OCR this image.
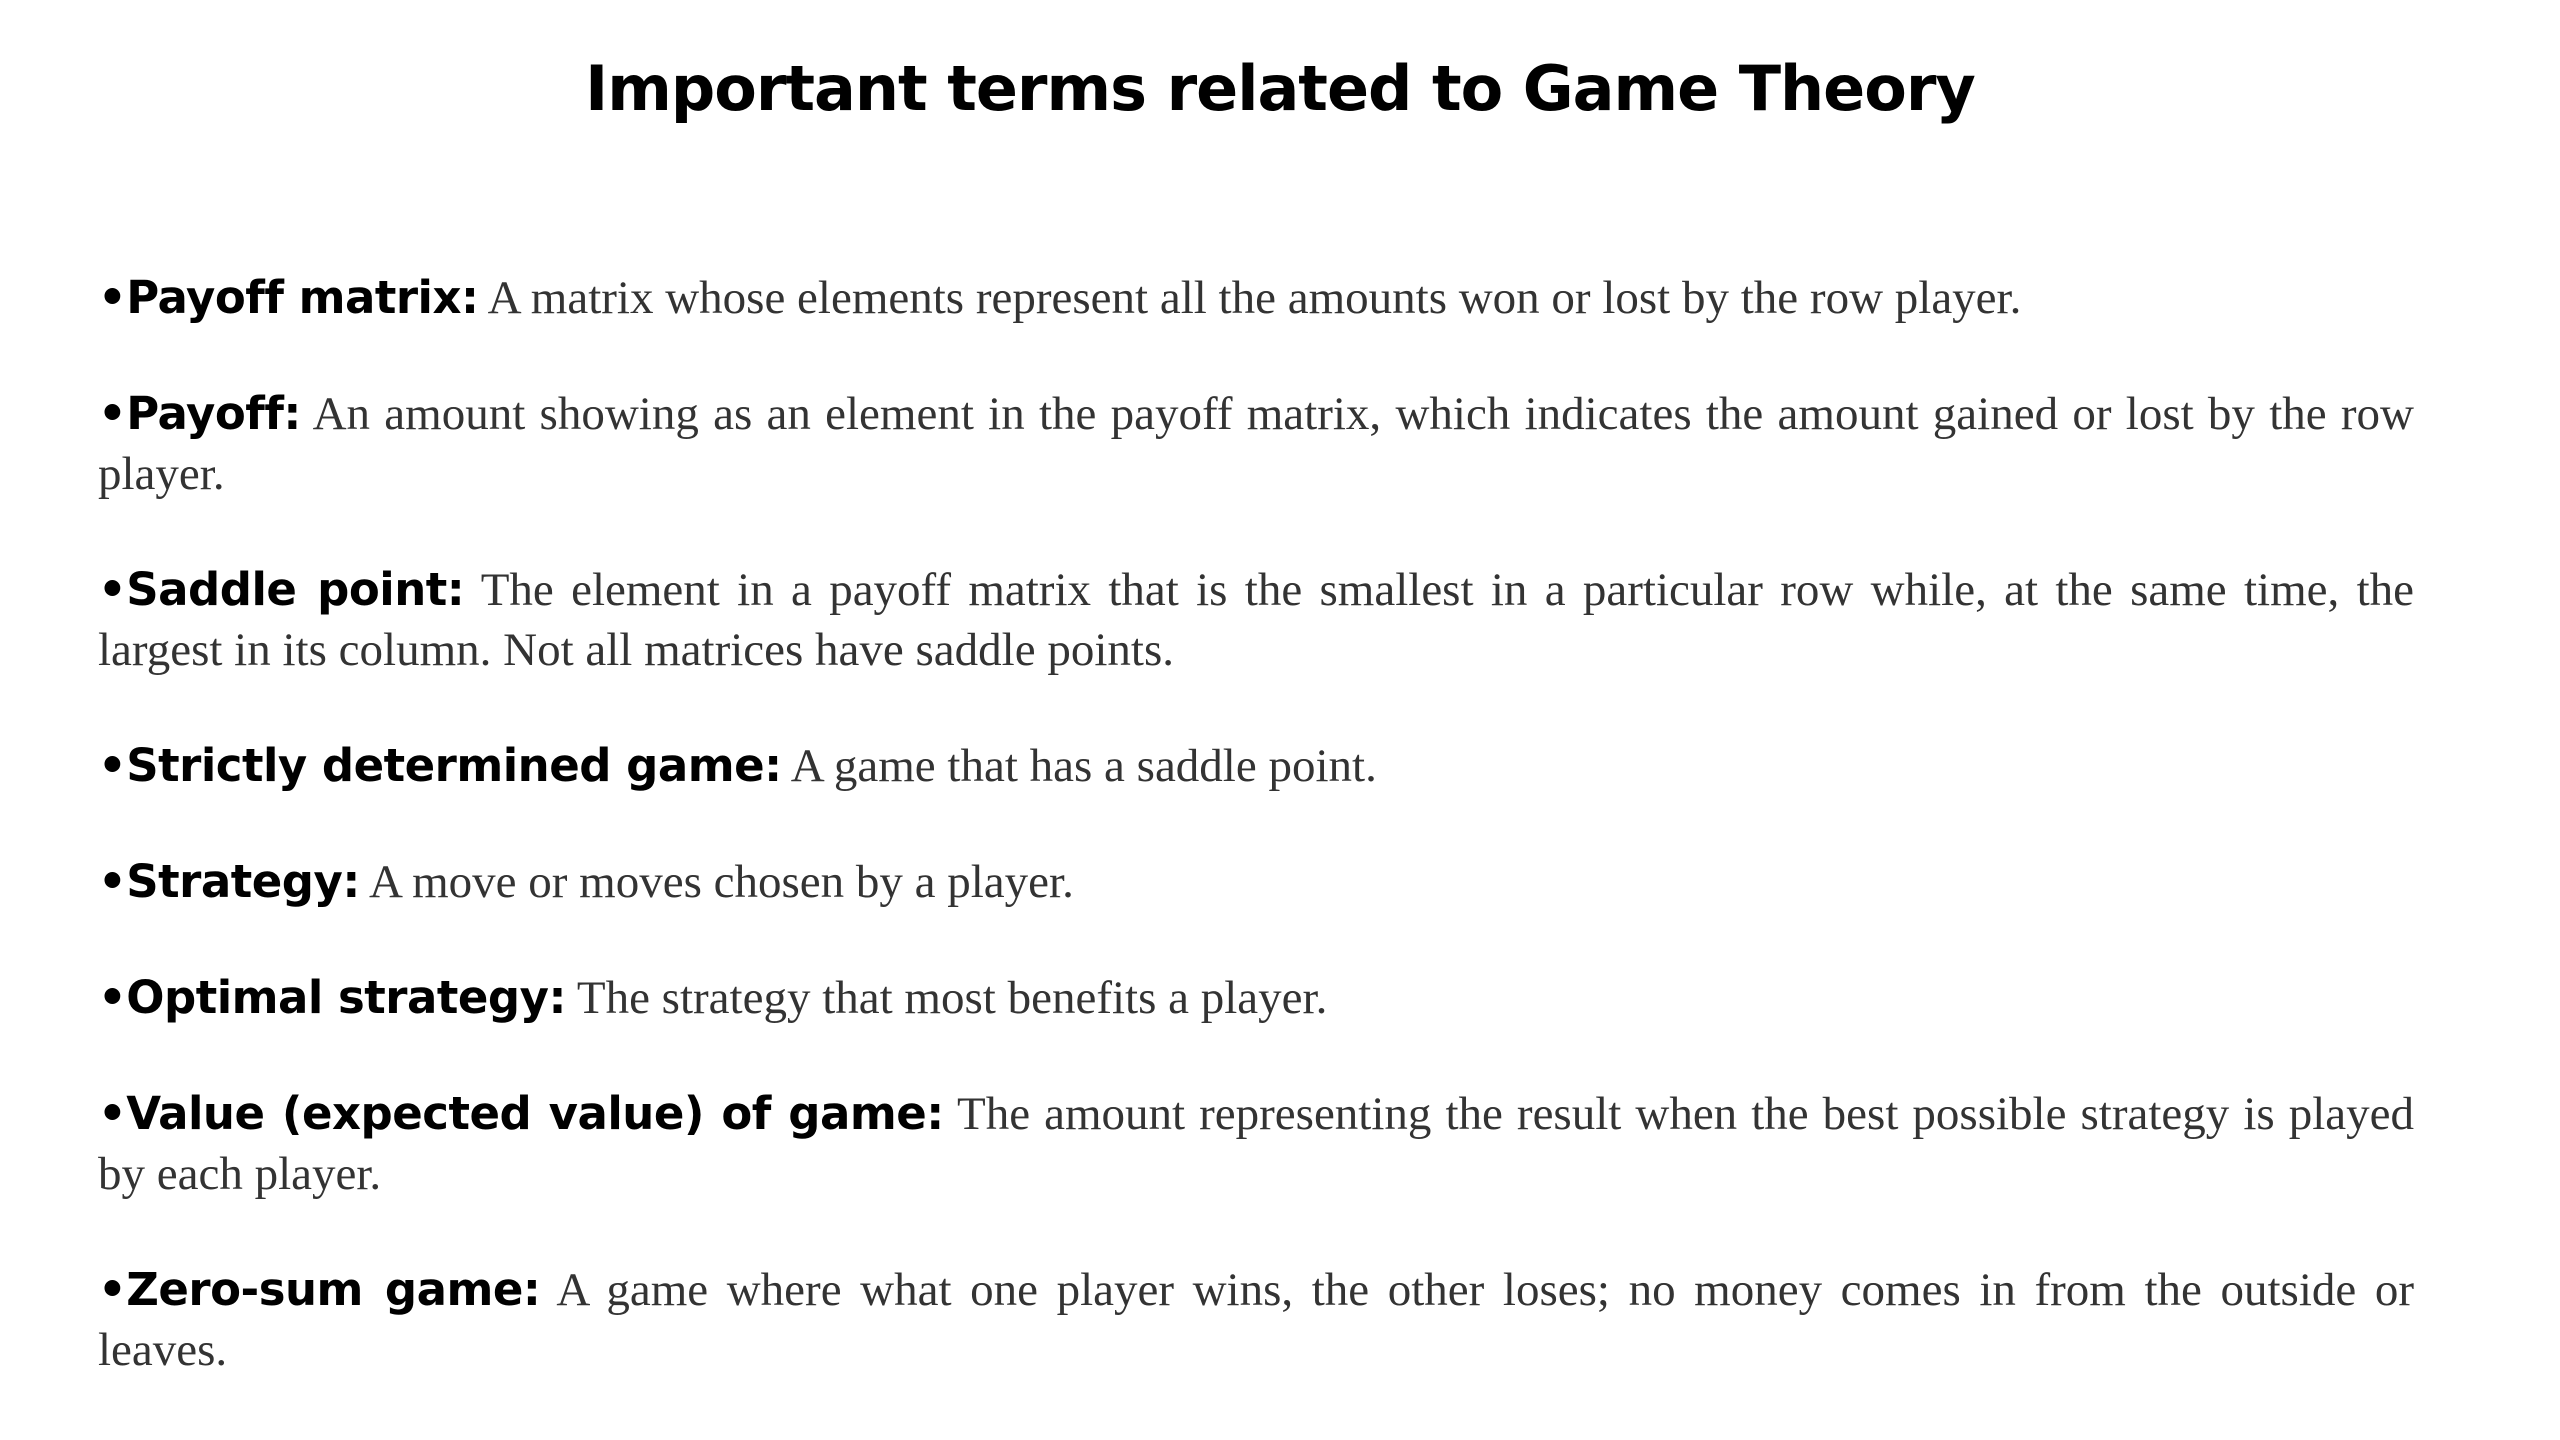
Important terms related to Game Theory
•Payoff matrix: A matrix whose elements represent all the amounts won or lost by the row player.
•Payoff: An amount showing as an element in the payoff matrix, which indicates the amount gained or lost by the row player.
•Saddle point: The element in a payoff matrix that is the smallest in a particular row while, at the same time, the largest in its column. Not all matrices have saddle points.
•Strictly determined game: A game that has a saddle point.
•Strategy: A move or moves chosen by a player.
•Optimal strategy: The strategy that most benefits a player.
•Value (expected value) of game: The amount representing the result when the best possible strategy is played by each player.
•Zero-sum game: A game where what one player wins, the other loses; no money comes in from the outside or leaves.
